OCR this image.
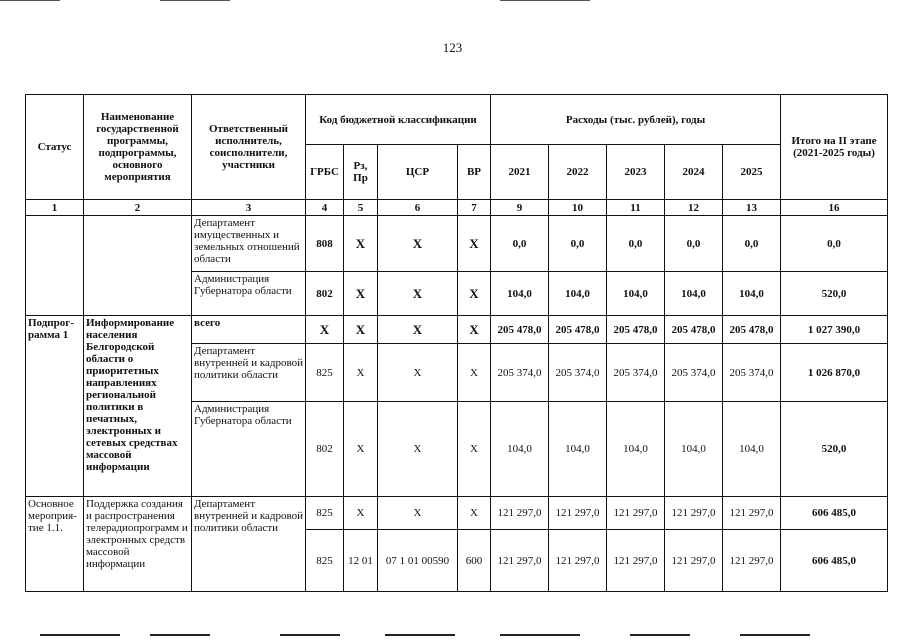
123
Статус	Наименование государственной программы, подпрограммы, основного мероприятия	Ответственный исполнитель, соисполнители, участники	Код бюджетной классификации				Расходы (тыс. рублей), годы					Итого на II этапе (2021-2025 годы)
			ГРБС	Рз, Пр	ЦСР	ВР	2021	2022	2023	2024	2025	
1	2	3	4	5	6	7	9	10	11	12	13	16
		Департамент имущественных и земельных отношений области	808	X	X	X	0,0	0,0	0,0	0,0	0,0	0,0
		Администрация Губернатора области	802	X	X	X	104,0	104,0	104,0	104,0	104,0	520,0
Подпрог-рамма 1	Информирование населения Белгородской области о приоритетных направлениях региональной политики в печатных, электронных и сетевых средствах массовой информации	всего	X	X	X	X	205 478,0	205 478,0	205 478,0	205 478,0	205 478,0	1 027 390,0
		Департамент внутренней и кадровой политики области	825	X	X	X	205 374,0	205 374,0	205 374,0	205 374,0	205 374,0	1 026 870,0
		Администрация Губернатора области	802	X	X	X	104,0	104,0	104,0	104,0	104,0	520,0
Основное мероприя-тие 1.1.	Поддержка создания и распространения телерадиопрограмм и электронных средств массовой информации	Департамент внутренней и кадровой политики области	825	X	X	X	121 297,0	121 297,0	121 297,0	121 297,0	121 297,0	606 485,0
			825	12 01	07 1 01 00590	600	121 297,0	121 297,0	121 297,0	121 297,0	121 297,0	606 485,0
